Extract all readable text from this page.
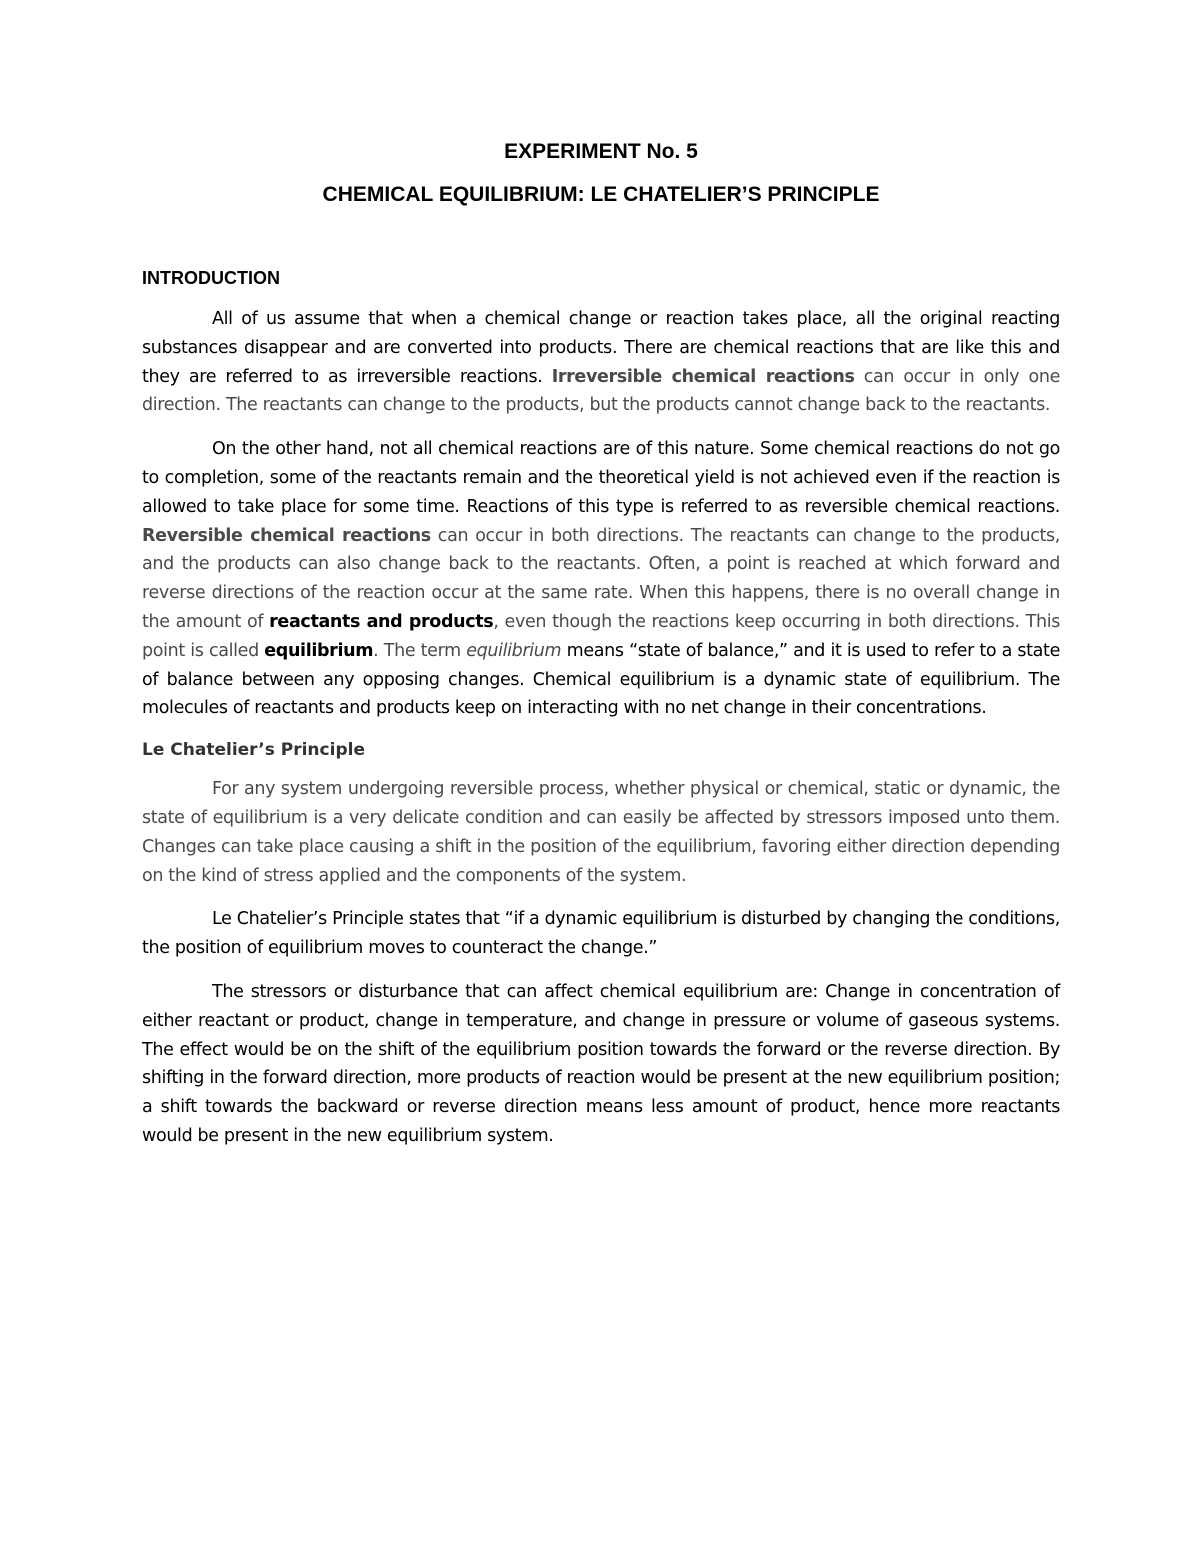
EXPERIMENT No. 5
CHEMICAL EQUILIBRIUM: LE CHATELIER’S PRINCIPLE
INTRODUCTION

All of us assume that when a chemical change or reaction takes place, all the original reacting substances disappear and are converted into products. There are chemical reactions that are like this and they are referred to as irreversible reactions. Irreversible chemical reactions can occur in only one direction. The reactants can change to the products, but the products cannot change back to the reactants.

On the other hand, not all chemical reactions are of this nature. Some chemical reactions do not go to completion, some of the reactants remain and the theoretical yield is not achieved even if the reaction is allowed to take place for some time. Reactions of this type is referred to as reversible chemical reactions. Reversible chemical reactions can occur in both directions. The reactants can change to the products, and the products can also change back to the reactants. Often, a point is reached at which forward and reverse directions of the reaction occur at the same rate. When this happens, there is no overall change in the amount of reactants and products, even though the reactions keep occurring in both directions. This point is called equilibrium. The term equilibrium means “state of balance,” and it is used to refer to a state of balance between any opposing changes. Chemical equilibrium is a dynamic state of equilibrium. The molecules of reactants and products keep on interacting with no net change in their concentrations.

Le Chatelier’s Principle

For any system undergoing reversible process, whether physical or chemical, static or dynamic, the state of equilibrium is a very delicate condition and can easily be affected by stressors imposed unto them. Changes can take place causing a shift in the position of the equilibrium, favoring either direction depending on the kind of stress applied and the components of the system.

Le Chatelier’s Principle states that “if a dynamic equilibrium is disturbed by changing the conditions, the position of equilibrium moves to counteract the change.”

The stressors or disturbance that can affect chemical equilibrium are: Change in concentration of either reactant or product, change in temperature, and change in pressure or volume of gaseous systems. The effect would be on the shift of the equilibrium position towards the forward or the reverse direction. By shifting in the forward direction, more products of reaction would be present at the new equilibrium position; a shift towards the backward or reverse direction means less amount of product, hence more reactants would be present in the new equilibrium system.
